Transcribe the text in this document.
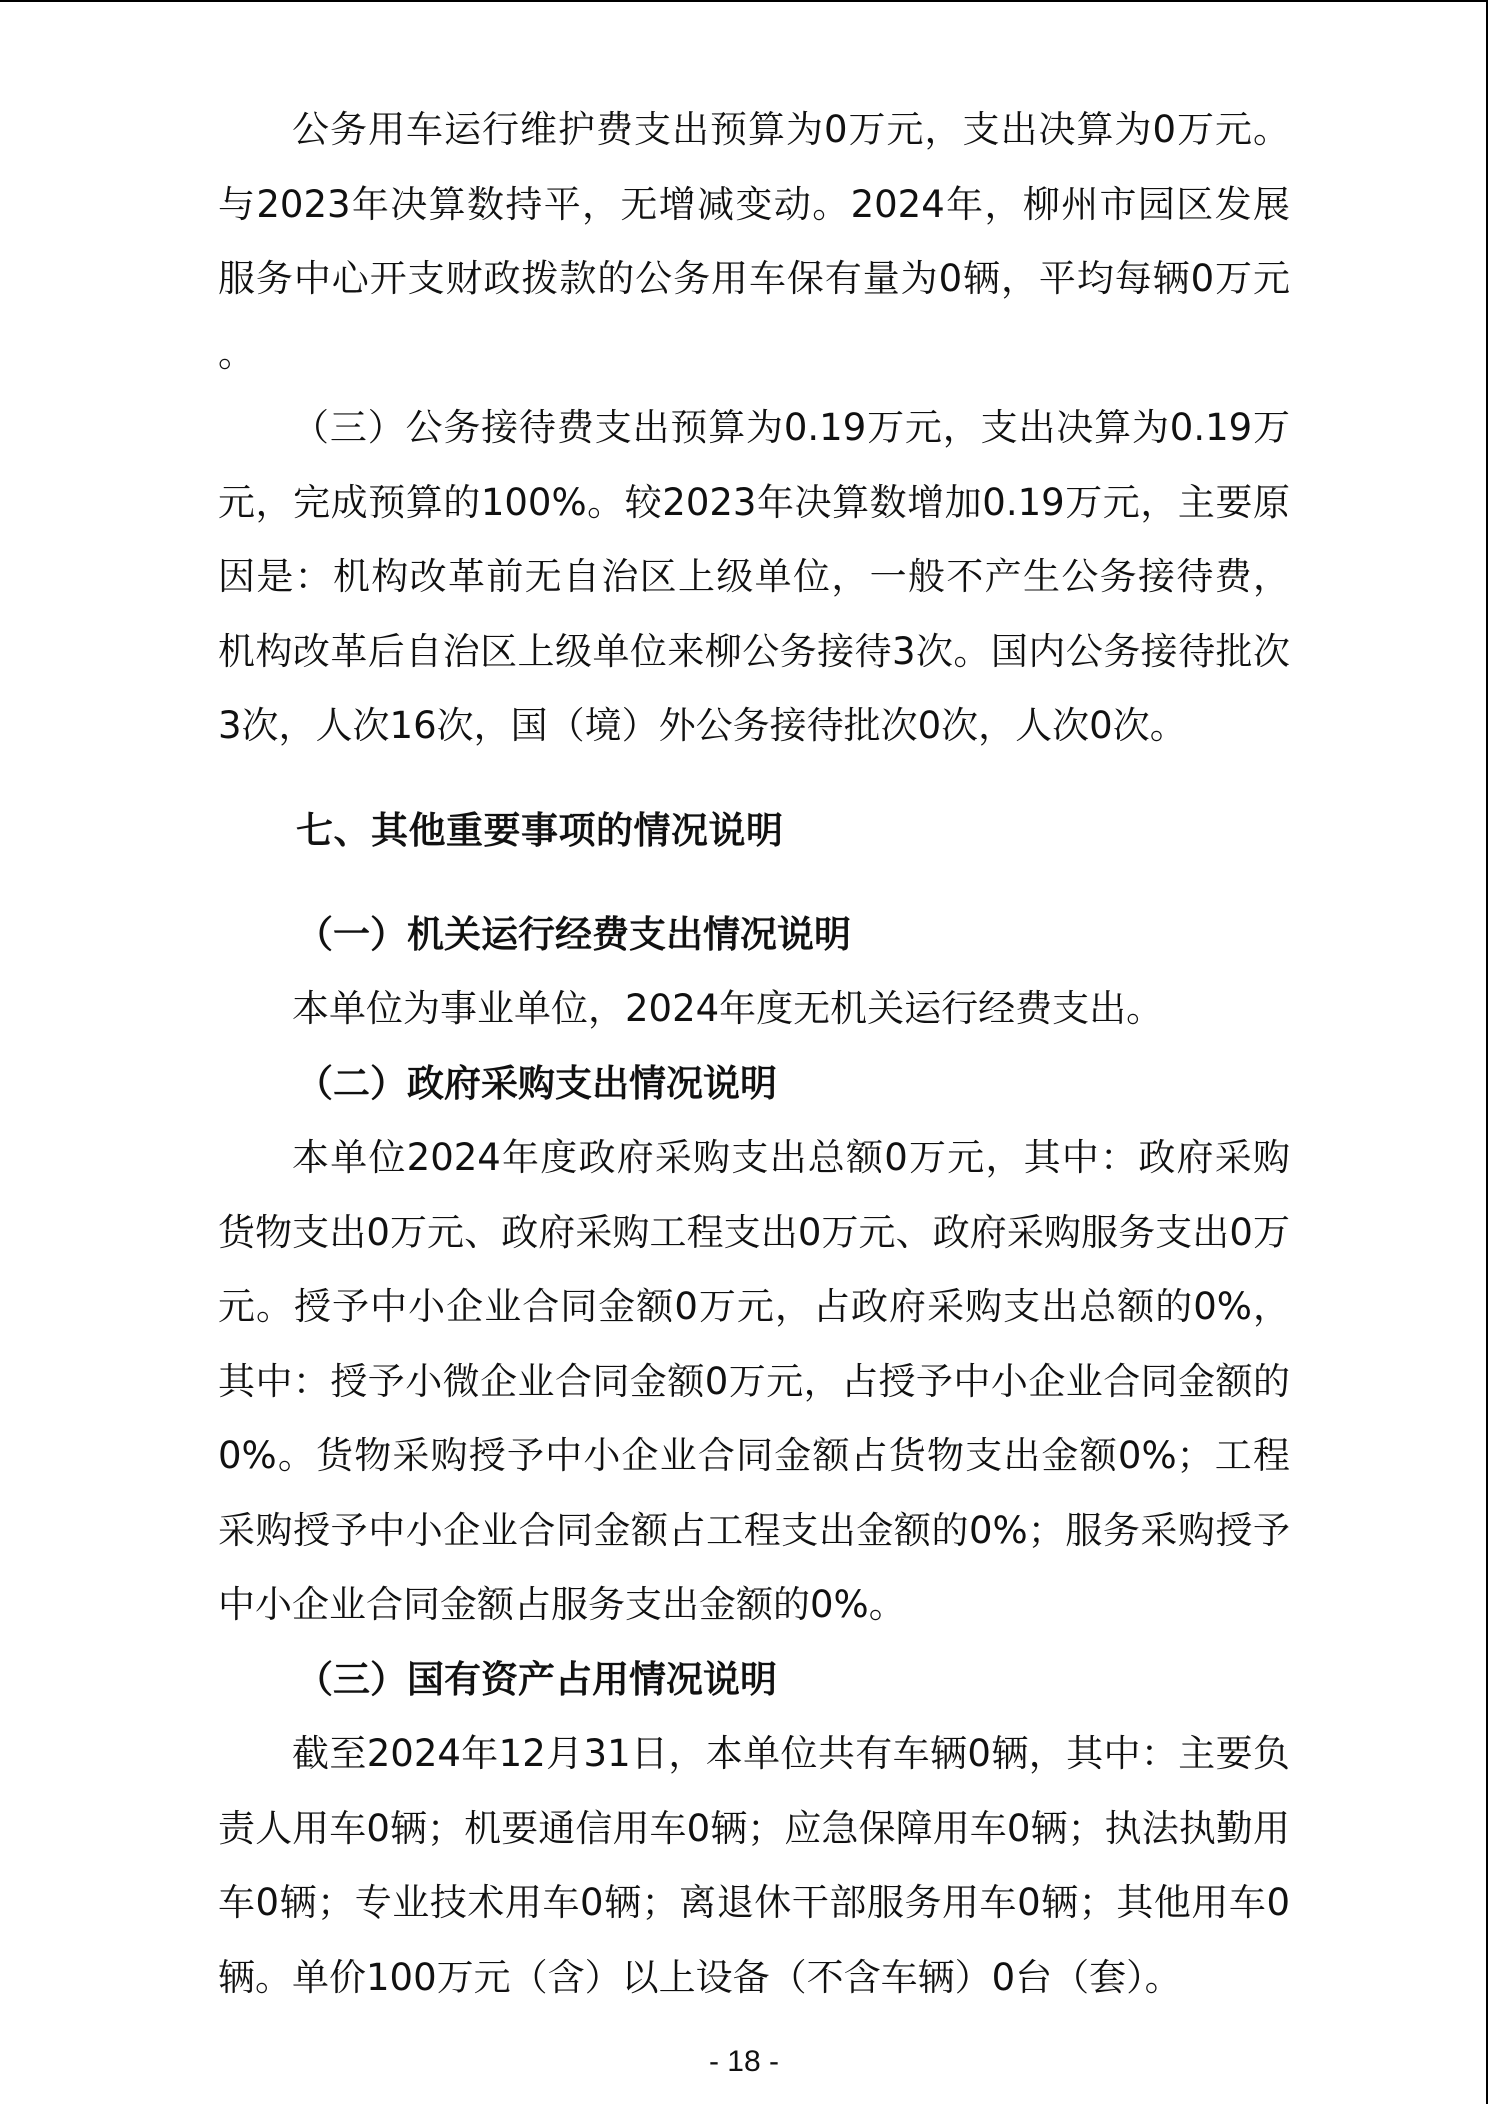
公务用车运行维护费支出预算为0万元，支出决算为0万元。与2023年决算数持平，无增减变动。2024年，柳州市园区发展服务中心开支财政拨款的公务用车保有量为0辆，平均每辆0万元。

（三）公务接待费支出预算为0.19万元，支出决算为0.19万元，完成预算的100%。较2023年决算数增加0.19万元，主要原因是：机构改革前无自治区上级单位，一般不产生公务接待费，机构改革后自治区上级单位来柳公务接待3次。国内公务接待批次3次，人次16次，国（境）外公务接待批次0次，人次0次。

七、其他重要事项的情况说明
（一）机关运行经费支出情况说明

本单位为事业单位，2024年度无机关运行经费支出。

（二）政府采购支出情况说明

本单位2024年度政府采购支出总额0万元，其中：政府采购货物支出0万元、政府采购工程支出0万元、政府采购服务支出0万元。授予中小企业合同金额0万元，占政府采购支出总额的0%，其中：授予小微企业合同金额0万元，占授予中小企业合同金额的0%。货物采购授予中小企业合同金额占货物支出金额0%；工程采购授予中小企业合同金额占工程支出金额的0%；服务采购授予中小企业合同金额占服务支出金额的0%。

（三）国有资产占用情况说明

截至2024年12月31日，本单位共有车辆0辆，其中：主要负责人用车0辆；机要通信用车0辆；应急保障用车0辆；执法执勤用车0辆；专业技术用车0辆；离退休干部服务用车0辆；其他用车0辆。单价100万元（含）以上设备（不含车辆）0台（套）。

- 18 -
